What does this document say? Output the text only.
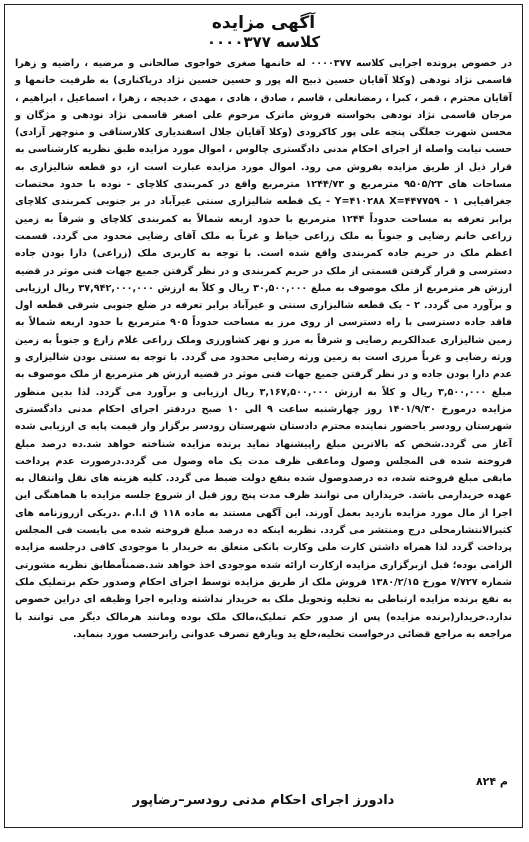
آگهی مزایده
کلاسه ۰۰۰۰۳۷۷
در خصوص پرونده اجرایی کلاسه ۰۰۰۰۳۷۷ له خانمها صغری خواجوی صالحانی و مرضیه ، راضیه و زهرا قاسمی نژاد نودهی (وکلا آقایان حسین ذبیح اله پور و حسین حسین نژاد دریاکناری) به طرفیت خانمها و آقایان محترم ، قمر ، کبرا ، رمضانعلی ، قاسم ، صادق ، هادی ، مهدی ، خدیجه ، زهرا ، اسماعیل ، ابراهیم ، مرجان قاسمی نژاد نودهی بخواسته فروش ماترک مرحوم علی اصغر قاسمی نژاد نودهی و مژگان و محسن شهرت جعلگی پنجه علی پور کاکرودی (وکلا آقایان جلال اسفندیاری کلارستاقی و منوچهر آزادی) حسب نیابت واصله از اجرای احکام مدنی دادگستری چالوس ، اموال مورد مزایده طبق نظریه کارشناسی به قرار ذیل از طریق مزایده بفروش می رود. اموال مورد مزایده عبارت است از، دو قطعه شالیزاری به مساحات های ۹۵۰۵/۲۳ مترمربع و ۱۲۴۴/۷۳ مترمربع واقع در کمربندی کلاچای - نوده با حدود مختصات جغرافیایی Y=۴۱۰۲۸۸ X=۴۴۷۷۵۹ - ۱ - یک قطعه شالیزاری سنتی غیرآباد در بر جنوبی کمربندی کلاچای برابر تعرفه به مساحت حدوداً ۱۲۴۴ مترمربع با حدود اربعه شمالاً به کمربندی کلاچای و شرقاً به زمین زراعی خانم رضایی و جنوباً به ملک زراعی خیاط و غرباً به ملک آقای رضایی محدود می گردد. قسمت اعظم ملک در حریم جاده کمربندی واقع شده است. با توجه به کاربری ملک (زراعی) دارا بودن جاده دسترسی و قرار گرفتن قسمتی از ملک در حریم کمربندی و در نظر گرفتن جمیع جهات فنی موثر در قضیه ارزش هر مترمربع از ملک موصوف به مبلغ ۳۰,۵۰۰,۰۰۰ ریال و کلاً به ارزش ۳۷,۹۴۲,۰۰۰,۰۰۰ ریال ارزیابی و برآورد می گردد. ۲ - یک قطعه شالیزاری سنتی و غیرآباد برابر تعرفه در ضلع جنوبی شرقی قطعه اول فاقد جاده دسترسی با راه دسترسی از روی مرز به مساحت حدوداً ۹۰۵ مترمربع با حدود اربعه شمالاً به زمین شالیزاری عبدالکریم رضایی و شرقاً به مرز و نهر کشاورزی وملک زراعی غلام زارع و جنوباً به زمین ورثه رضایی و غرباً مرزی است به زمین ورثه رضایی محدود می گردد. با توجه به سنتی بودن شالیزاری و عدم دارا بودن جاده و در نظر گرفتن جمیع جهات فنی موثر در قضیه ارزش هر مترمربع از ملک موصوف به مبلغ ۳,۵۰۰,۰۰۰ ریال و کلاً به ارزش ۳,۱۶۷,۵۰۰,۰۰۰ ریال ارزیابی و برآورد می گردد. لذا بدین منظور مزایده درمورخ ۱۴۰۱/۹/۳۰ روز چهارشنبه ساعت ۹ الی ۱۰ صبح دردفتر اجرای احکام مدنی دادگستری شهرستان رودسر باحضور نماینده محترم دادستان شهرستان رودسر برگزار واز قیمت پایه ی ارزیابی شده آغاز می گردد.شخص که بالاترین مبلغ راپیشنهاد نماید برنده مزایده شناخته خواهد شد.ده درصد مبلغ فروخته شده فی المجلس وصول وماعقی ظرف مدت یک ماه وصول می گردد.درصورت عدم پرداخت مابقی مبلغ فروخته شده، ده درصدوصول شده بنفع دولت ضبط می گردد. کلیه هزینه های نقل وانتقال به عهده خریدارمی باشد. خریداران می توانند ظرف مدت پنج روز قبل از شروع جلسه مزایده با هماهنگی این اجرا از مال مورد مزایده بازدید بعمل آورند. این آگهی مستند به ماده ۱۱۸ ق ا.ا.م .دریکی ازروزنامه های کثیرالانتشارمحلی درج ومنتشر می گردد. نظربه اینکه ده درصد مبلغ فروخته شده می بایست فی المجلس پرداخت گردد لذا همراه داشتن کارت ملی وکارت بانکی متعلق به خریدار با موجودی کافی درجلسه مزایده الزامی بوده؛ قبل ازبرگزاری مزایده ازکارت ارائه شده موجودی اخذ خواهد شد.ضمناًمطابق نظریه مشورتی شماره ۷/۷۲۷ مورخ ۱۳۸۰/۲/۱۵ فروش ملک از طریق مزایده توسط اجرای احکام وصدور حکم برتملیک ملک به نفع برنده مزایده ارتباطی به تخلیه وتحویل ملک به خریدار نداشته ودایره اجرا وظیفه ای دراین خصوص ندارد.خریدار(برنده مزایده) پس از صدور حکم تملیک،مالک ملک بوده ومانند هرمالک دیگر می توانند با مراجعه به مراجع قضائی درخواست تخلیه،خلع ید ویارفع تصرف عدوانی رابرحسب مورد بنماید.
م ۸۲۴
دادورز اجرای احکام مدنی رودسر–رضاپور
